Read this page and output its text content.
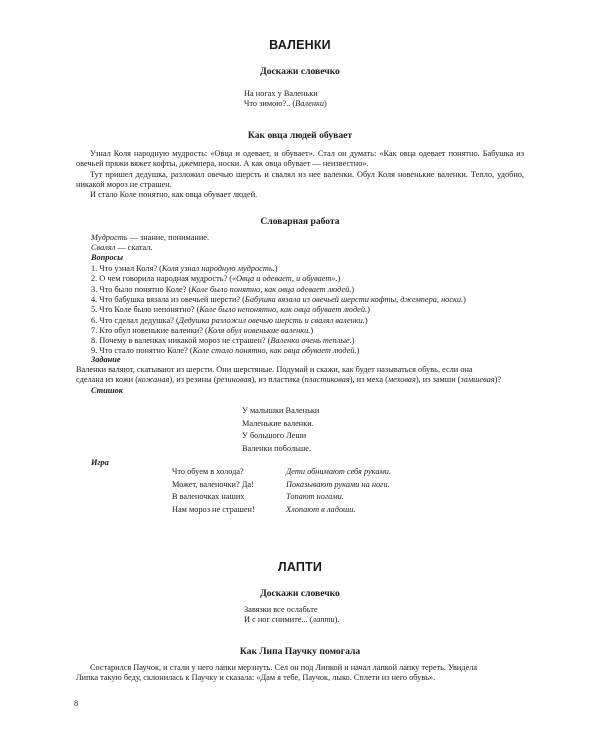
ВАЛЕНКИ
Доскажи словечко
На ногах у Валеньки
Что зимою?.. (Валенки)
Как овца людей обувает

Узнал Коля народную мудрость: «Овца и одевает, и обувает». Стал он думать: «Как овца одевает понятно. Бабушка из овечьей пряжи вяжет кофты, джемпера, носки. А как овца обувает — неизвестно».

Тут пришел дедушка, разложил овечью шерсть и свалял из нее валенки. Обул Коля новенькие валенки. Тепло, удобно, никакой мороз не страшен.

И стало Коле понятно, как овца обувает людей.

Словарная работа
Мудрость — знание, понимание.
Свалял — скатал.
Вопросы
1. Что узнал Коля? (Коля узнал народную мудрость.)
2. О чем говорила народная мудрость? («Овца и одевает, и обувает».)
3. Что было понятно Коле? (Коле было понятно, как овца одевает людей.)
4. Что бабушка вязала из овечьей шерсти? (Бабушка вязала из овечьей шерсти кофты, джемпера, носки.)
5. Что Коле было непонятно? (Коле было непонятно, как овца обувает людей.)
6. Что сделал дедушка? (Дедушка разложил овечью шерсть и свалял валенки.)
7. Кто обул новенькие валенки? (Коля обул новенькие валенки.)
8. Почему в валенках никакой мороз не страшен? (Валенки очень теплые.)
9. Что стало понятно Коле? (Коле стало понятно, как овца обувает людей.)
Задание
Валенки валяют, скатывают из шерсти. Они шерстяные. Подумай и скажи, как будет называться обувь, если она
сделана из кожи (кожаная), из резины (резиновая), из пластика (пластиковая), из меха (меховая), из замши (замшевая)?
Стишок
У малышки Валеньки
Маленькие валенки.
У большого Леши
Валенки побольше.
Игра
Что обуем в холода?	Дети обнимают себя руками.
Может, валеночки? Да!	Показывают руками на ноги.
В валеночках наших	Топают ногами.
Нам мороз не страшен!	Хлопают в ладоши.
ЛАПТИ
Доскажи словечко
Завязки все ослабьте
И с ног снимите... (лапти).
Как Липа Паучку помогала
Состарился Паучок, и стали у него лапки мерзнуть. Сел он под Липкой и начал лапкой лапку тереть. Увидела
Липка такую беду, склонилась к Паучку и сказала: «Дам я тебе, Паучок, лыко. Сплети из него обувь».
8
